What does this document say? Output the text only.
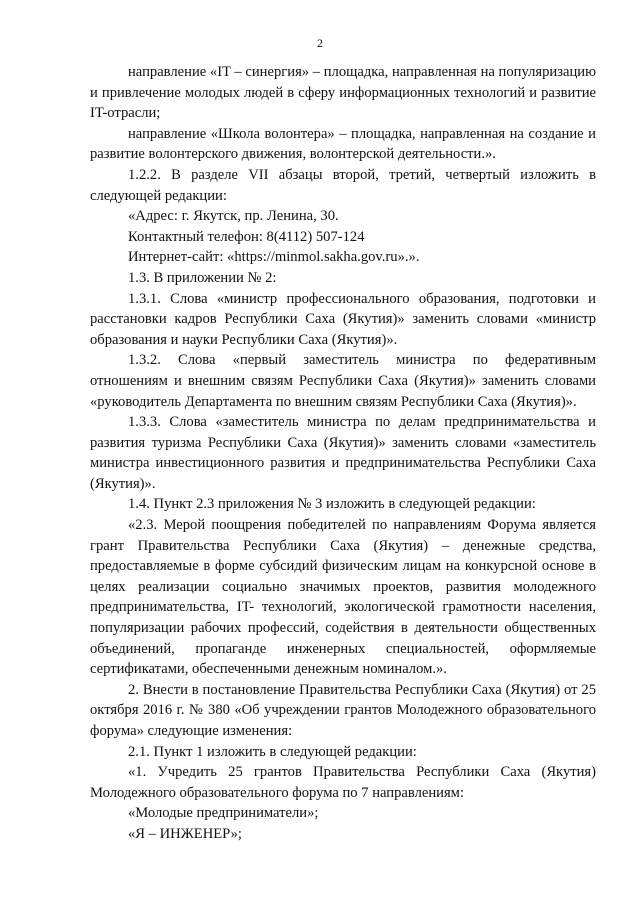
2

направление «IT – синергия» – площадка, направленная на популяризацию и привлечение молодых людей в сферу информационных технологий и развитие IT-отрасли;

направление «Школа волонтера» – площадка, направленная на создание и развитие волонтерского движения, волонтерской деятельности.».

1.2.2. В разделе VII абзацы второй, третий, четвертый изложить в следующей редакции:

«Адрес: г. Якутск, пр. Ленина, 30.

Контактный телефон: 8(4112) 507-124

Интернет-сайт: «https://minmol.sakha.gov.ru».».

1.3. В приложении № 2:

1.3.1. Слова «министр профессионального образования, подготовки и расстановки кадров Республики Саха (Якутия)» заменить словами «министр образования и науки Республики Саха (Якутия)».

1.3.2. Слова «первый заместитель министра по федеративным отношениям и внешним связям Республики Саха (Якутия)» заменить словами «руководитель Департамента по внешним связям Республики Саха (Якутия)».

1.3.3. Слова «заместитель министра по делам предпринимательства и развития туризма Республики Саха (Якутия)» заменить словами «заместитель министра инвестиционного развития и предпринимательства Республики Саха (Якутия)».

1.4. Пункт 2.3 приложения № 3 изложить в следующей редакции:

«2.3. Мерой поощрения победителей по направлениям Форума является грант Правительства Республики Саха (Якутия) – денежные средства, предоставляемые в форме субсидий физическим лицам на конкурсной основе в целях реализации социально значимых проектов, развития молодежного предпринимательства, IT- технологий, экологической грамотности населения, популяризации рабочих профессий, содействия в деятельности общественных объединений, пропаганде инженерных специальностей, оформляемые сертификатами, обеспеченными денежным номиналом.».

2. Внести в постановление Правительства Республики Саха (Якутия) от 25 октября 2016 г. № 380 «Об учреждении грантов Молодежного образовательного форума» следующие изменения:

2.1. Пункт 1 изложить в следующей редакции:

«1. Учредить 25 грантов Правительства Республики Саха (Якутия) Молодежного образовательного форума по 7 направлениям:

«Молодые предприниматели»;

«Я – ИНЖЕНЕР»;
